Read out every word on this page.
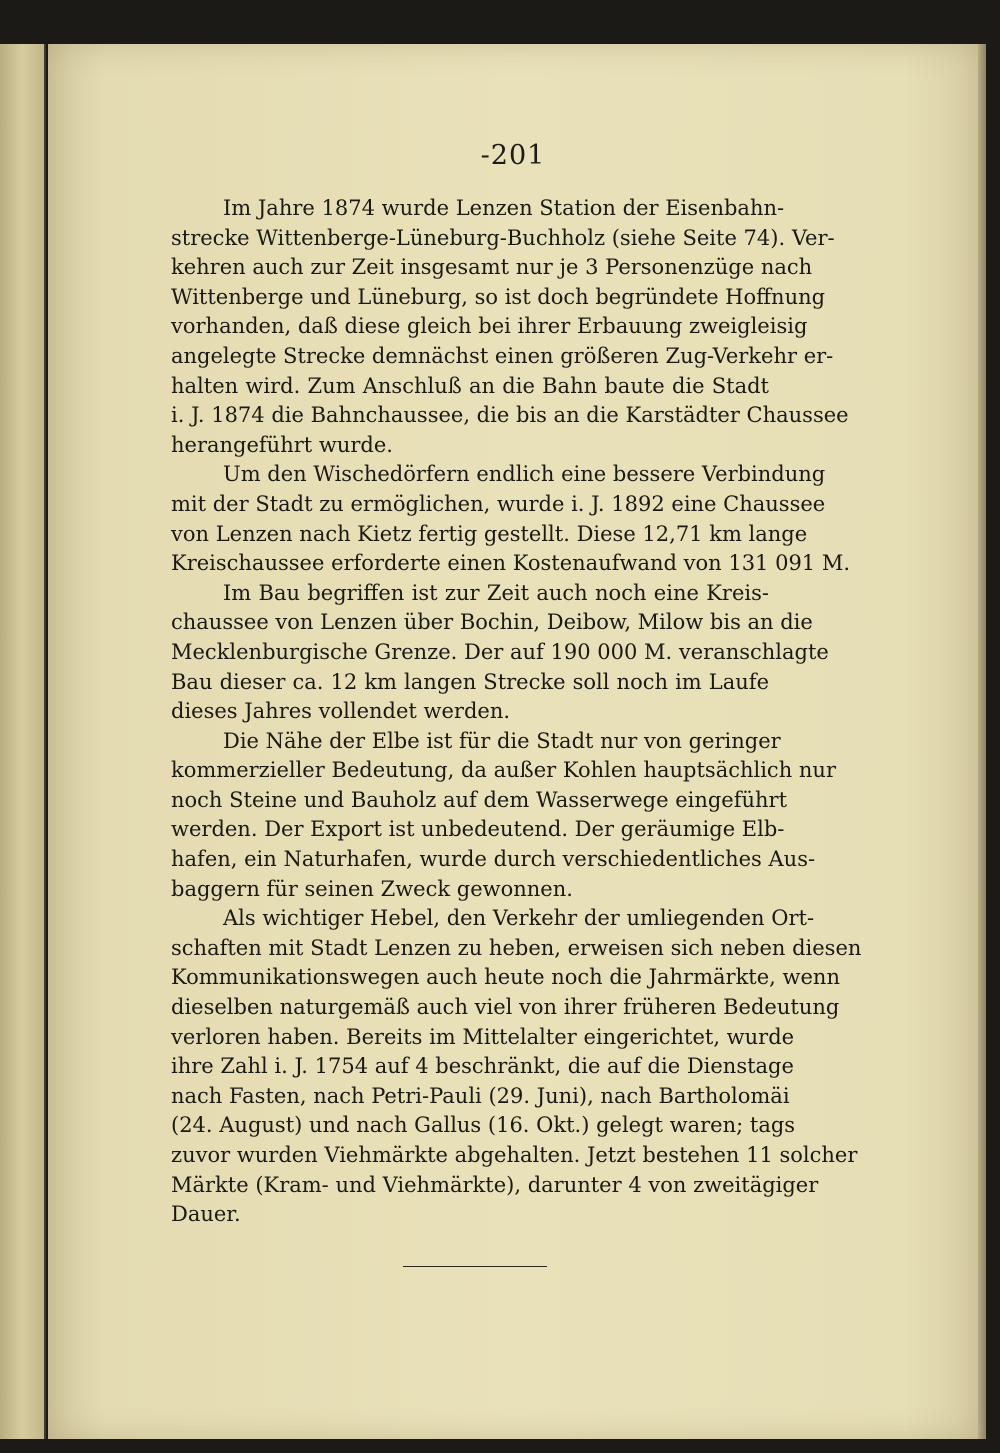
-201
Im Jahre 1874 wurde Lenzen Station der Eisenbahn-
strecke Wittenberge-Lüneburg-Buchholz (siehe Seite 74). Ver-
kehren auch zur Zeit insgesamt nur je 3 Personenzüge nach
Wittenberge und Lüneburg, so ist doch begründete Hoffnung
vorhanden, daß diese gleich bei ihrer Erbauung zweigleisig
angelegte Strecke demnächst einen größeren Zug-Verkehr er-
halten wird. Zum Anschluß an die Bahn baute die Stadt
i. J. 1874 die Bahnchaussee, die bis an die Karstädter Chaussee
herangeführt wurde.
Um den Wischedörfern endlich eine bessere Verbindung
mit der Stadt zu ermöglichen, wurde i. J. 1892 eine Chaussee
von Lenzen nach Kietz fertig gestellt. Diese 12,71 km lange
Kreischaussee erforderte einen Kostenaufwand von 131 091 M.
Im Bau begriffen ist zur Zeit auch noch eine Kreis-
chaussee von Lenzen über Bochin, Deibow, Milow bis an die
Mecklenburgische Grenze. Der auf 190 000 M. veranschlagte
Bau dieser ca. 12 km langen Strecke soll noch im Laufe
dieses Jahres vollendet werden.
Die Nähe der Elbe ist für die Stadt nur von geringer
kommerzieller Bedeutung, da außer Kohlen hauptsächlich nur
noch Steine und Bauholz auf dem Wasserwege eingeführt
werden. Der Export ist unbedeutend. Der geräumige Elb-
hafen, ein Naturhafen, wurde durch verschiedentliches Aus-
baggern für seinen Zweck gewonnen.
Als wichtiger Hebel, den Verkehr der umliegenden Ort-
schaften mit Stadt Lenzen zu heben, erweisen sich neben diesen
Kommunikationswegen auch heute noch die Jahrmärkte, wenn
dieselben naturgemäß auch viel von ihrer früheren Bedeutung
verloren haben. Bereits im Mittelalter eingerichtet, wurde
ihre Zahl i. J. 1754 auf 4 beschränkt, die auf die Dienstage
nach Fasten, nach Petri-Pauli (29. Juni), nach Bartholomäi
(24. August) und nach Gallus (16. Okt.) gelegt waren; tags
zuvor wurden Viehmärkte abgehalten. Jetzt bestehen 11 solcher
Märkte (Kram- und Viehmärkte), darunter 4 von zweitägiger
Dauer.
